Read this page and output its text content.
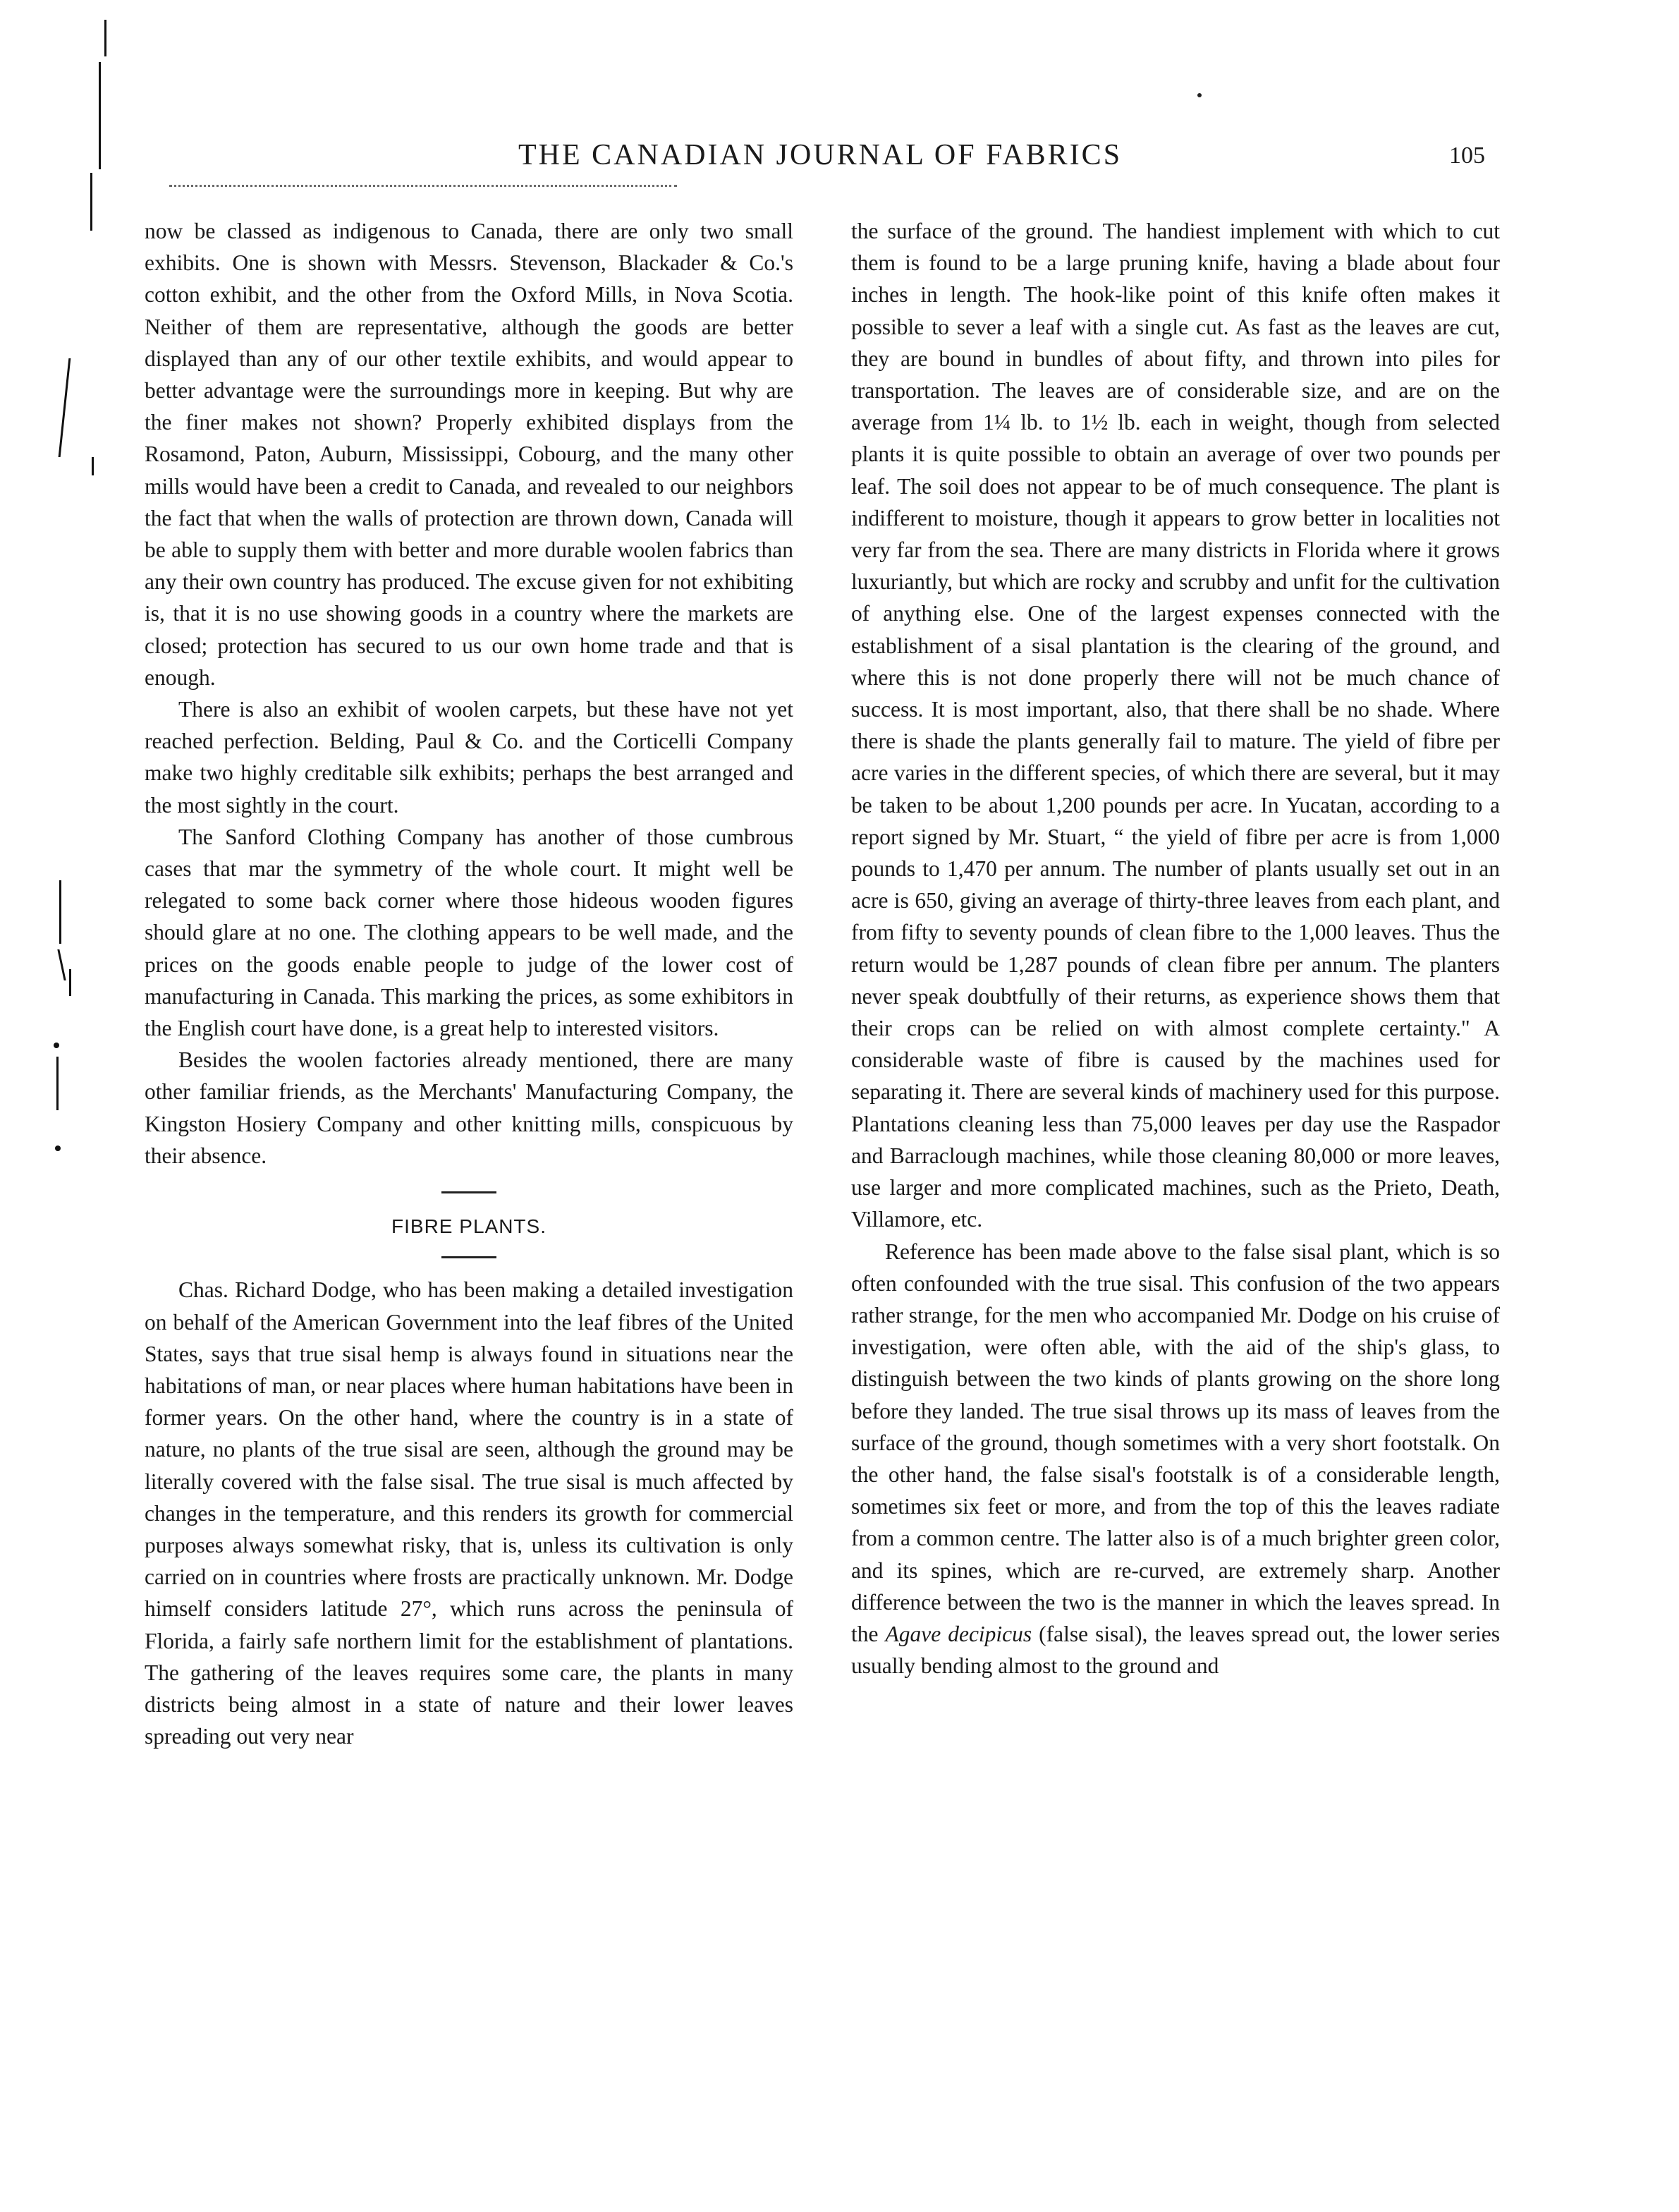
THE CANADIAN JOURNAL OF FABRICS	105

now be classed as indigenous to Canada, there are only two small exhibits. One is shown with Messrs. Stevenson, Blackader & Co.'s cotton exhibit, and the other from the Oxford Mills, in Nova Scotia. Neither of them are representative, although the goods are better displayed than any of our other textile exhibits, and would appear to better advantage were the surroundings more in keeping. But why are the finer makes not shown? Properly exhibited displays from the Rosamond, Paton, Auburn, Mississippi, Cobourg, and the many other mills would have been a credit to Canada, and revealed to our neighbors the fact that when the walls of protection are thrown down, Canada will be able to supply them with better and more durable woolen fabrics than any their own country has produced. The excuse given for not exhibiting is, that it is no use showing goods in a country where the markets are closed; protection has secured to us our own home trade and that is enough.

There is also an exhibit of woolen carpets, but these have not yet reached perfection. Belding, Paul & Co. and the Corticelli Company make two highly creditable silk exhibits; perhaps the best arranged and the most sightly in the court.

The Sanford Clothing Company has another of those cumbrous cases that mar the symmetry of the whole court. It might well be relegated to some back corner where those hideous wooden figures should glare at no one. The clothing appears to be well made, and the prices on the goods enable people to judge of the lower cost of manufacturing in Canada. This marking the prices, as some exhibitors in the English court have done, is a great help to interested visitors.

Besides the woolen factories already mentioned, there are many other familiar friends, as the Merchants' Manufacturing Company, the Kingston Hosiery Company and other knitting mills, conspicuous by their absence.

FIBRE PLANTS.

Chas. Richard Dodge, who has been making a detailed investigation on behalf of the American Government into the leaf fibres of the United States, says that true sisal hemp is always found in situations near the habitations of man, or near places where human habitations have been in former years. On the other hand, where the country is in a state of nature, no plants of the true sisal are seen, although the ground may be literally covered with the false sisal. The true sisal is much affected by changes in the temperature, and this renders its growth for commercial purposes always somewhat risky, that is, unless its cultivation is only carried on in countries where frosts are practically unknown. Mr. Dodge himself considers latitude 27°, which runs across the peninsula of Florida, a fairly safe northern limit for the establishment of plantations. The gathering of the leaves requires some care, the plants in many districts being almost in a state of nature and their lower leaves spreading out very near

the surface of the ground. The handiest implement with which to cut them is found to be a large pruning knife, having a blade about four inches in length. The hook-like point of this knife often makes it possible to sever a leaf with a single cut. As fast as the leaves are cut, they are bound in bundles of about fifty, and thrown into piles for transportation. The leaves are of considerable size, and are on the average from 1¼ lb. to 1½ lb. each in weight, though from selected plants it is quite possible to obtain an average of over two pounds per leaf. The soil does not appear to be of much consequence. The plant is indifferent to moisture, though it appears to grow better in localities not very far from the sea. There are many districts in Florida where it grows luxuriantly, but which are rocky and scrubby and unfit for the cultivation of anything else. One of the largest expenses connected with the establishment of a sisal plantation is the clearing of the ground, and where this is not done properly there will not be much chance of success. It is most important, also, that there shall be no shade. Where there is shade the plants generally fail to mature. The yield of fibre per acre varies in the different species, of which there are several, but it may be taken to be about 1,200 pounds per acre. In Yucatan, according to a report signed by Mr. Stuart, “ the yield of fibre per acre is from 1,000 pounds to 1,470 per annum. The number of plants usually set out in an acre is 650, giving an average of thirty-three leaves from each plant, and from fifty to seventy pounds of clean fibre to the 1,000 leaves. Thus the return would be 1,287 pounds of clean fibre per annum. The planters never speak doubtfully of their returns, as experience shows them that their crops can be relied on with almost complete certainty." A considerable waste of fibre is caused by the machines used for separating it. There are several kinds of machinery used for this purpose. Plantations cleaning less than 75,000 leaves per day use the Raspador and Barraclough machines, while those cleaning 80,000 or more leaves, use larger and more complicated machines, such as the Prieto, Death, Villamore, etc.

Reference has been made above to the false sisal plant, which is so often confounded with the true sisal. This confusion of the two appears rather strange, for the men who accompanied Mr. Dodge on his cruise of investigation, were often able, with the aid of the ship's glass, to distinguish between the two kinds of plants growing on the shore long before they landed. The true sisal throws up its mass of leaves from the surface of the ground, though sometimes with a very short footstalk. On the other hand, the false sisal's footstalk is of a considerable length, sometimes six feet or more, and from the top of this the leaves radiate from a common centre. The latter also is of a much brighter green color, and its spines, which are re-curved, are extremely sharp. Another difference between the two is the manner in which the leaves spread. In the Agave decipicus (false sisal), the leaves spread out, the lower series usually bending almost to the ground and
